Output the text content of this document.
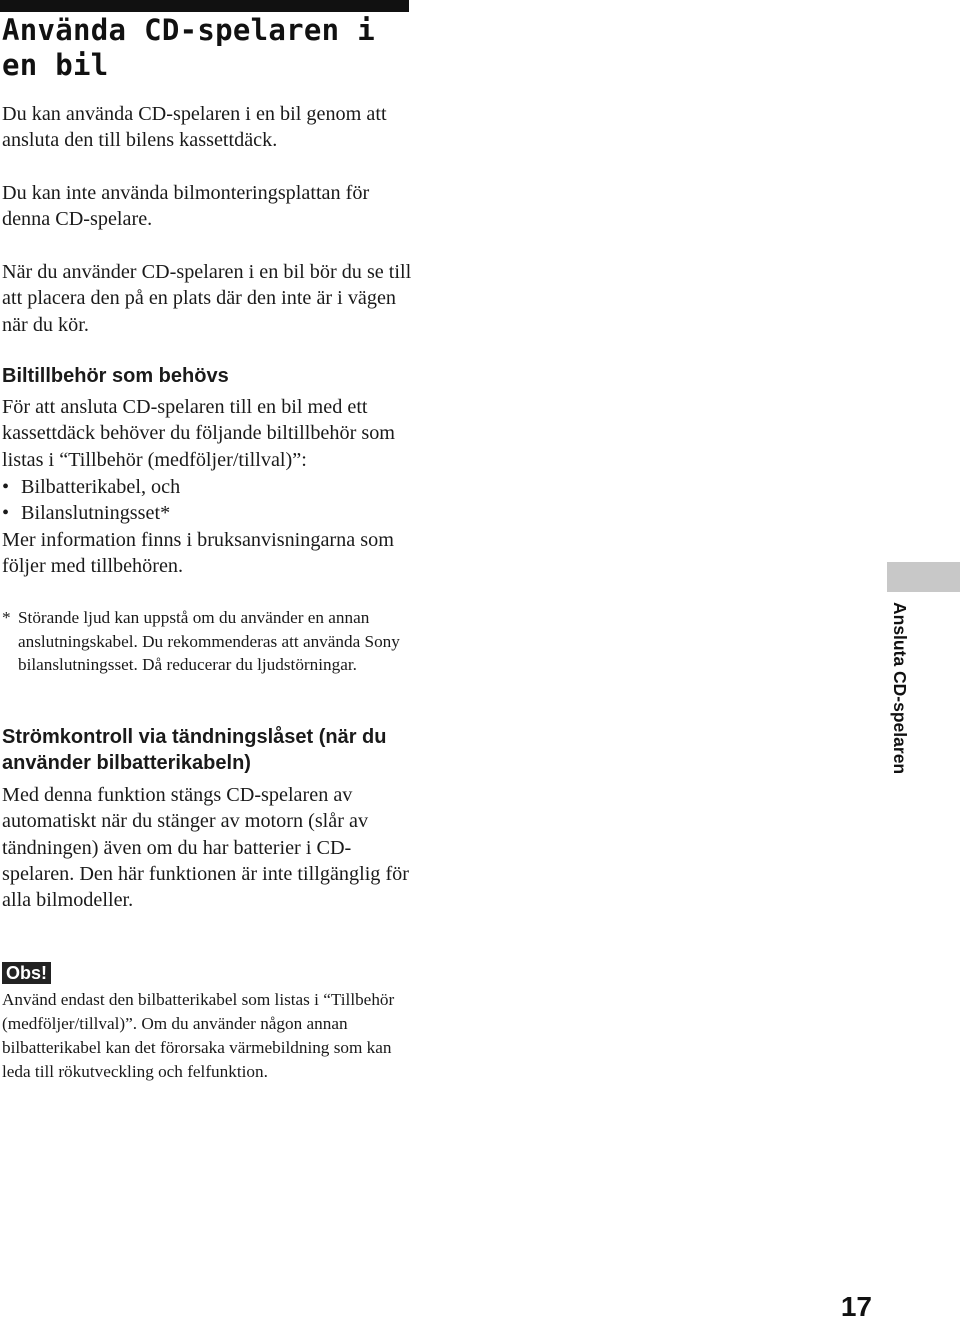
Använda CD-spelaren i en bil

Du kan använda CD-spelaren i en bil genom att ansluta den till bilens kassettdäck.

Du kan inte använda bilmonteringsplattan för denna CD-spelare.

När du använder CD-spelaren i en bil bör du se till att placera den på en plats där den inte är i vägen när du kör.

Biltillbehör som behövs

För att ansluta CD-spelaren till en bil med ett kassettdäck behöver du följande biltillbehör som listas i “Tillbehör (medföljer/tillval)”:

• Bilbatterikabel, och
• Bilanslutningsset*

Mer information finns i bruksanvisningarna som följer med tillbehören.

* Störande ljud kan uppstå om du använder en annan anslutningskabel. Du rekommenderas att använda Sony bilanslutningsset. Då reducerar du ljudstörningar.
Strömkontroll via tändningslåset (när du använder bilbatterikabeln)

Med denna funktion stängs CD-spelaren av automatiskt när du stänger av motorn (slår av tändningen) även om du har batterier i CD-spelaren. Den här funktionen är inte tillgänglig för alla bilmodeller.

Obs!

Använd endast den bilbatterikabel som listas i “Tillbehör (medföljer/tillval)”. Om du använder någon annan bilbatterikabel kan det förorsaka värmebildning som kan leda till rökutveckling och felfunktion.

Ansluta CD-spelaren

17
